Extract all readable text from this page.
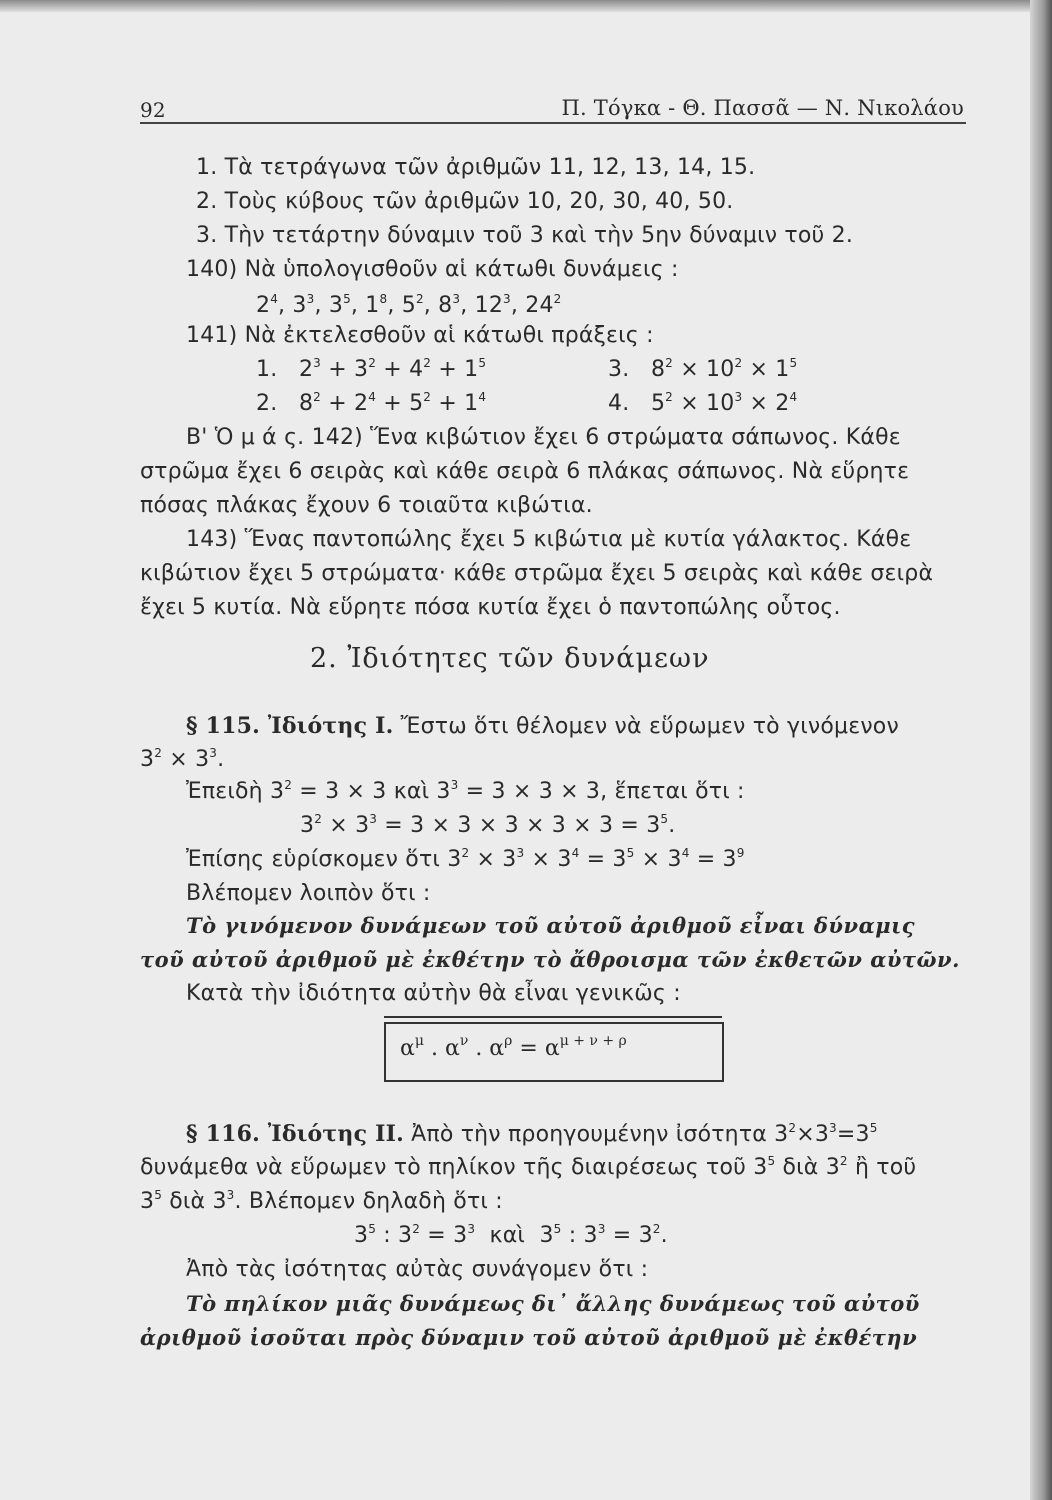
92	Π. Τόγκα - Θ. Πασσᾶ — Ν. Νικολάου
1. Τὰ τετράγωνα τῶν ἀριθμῶν 11, 12, 13, 14, 15.
2. Τοὺς κύβους τῶν ἀριθμῶν 10, 20, 30, 40, 50.
3. Τὴν τετάρτην δύναμιν τοῦ 3 καὶ τὴν 5ην δύναμιν τοῦ 2.
140) Νὰ ὑπολογισθοῦν αἱ κάτωθι δυνάμεις :
$2^4$, $3^3$, $3^5$, $1^8$, $5^2$, $8^3$, $12^3$, $24^2$
141) Νὰ ἐκτελεσθοῦν αἱ κάτωθι πράξεις :
1.   $2^3 + 3^2 + 4^2 + 1^5$	3.   $8^2 \times 10^2 \times 1^5$
2.   $8^2 + 2^4 + 5^2 + 1^4$	4.   $5^2 \times 10^3 \times 2^4$
Β' Ὁ μ ά ς. 142) Ἕνα κιβώτιον ἔχει 6 στρώματα σάπωνος. Κάθε
στρῶμα ἔχει 6 σειρὰς καὶ κάθε σειρὰ 6 πλάκας σάπωνος. Νὰ εὕρητε
πόσας πλάκας ἔχουν 6 τοιαῦτα κιβώτια.
143) Ἕνας παντοπώλης ἔχει 5 κιβώτια μὲ κυτία γάλακτος. Κάθε
κιβώτιον ἔχει 5 στρώματα· κάθε στρῶμα ἔχει 5 σειρὰς καὶ κάθε σειρὰ
ἔχει 5 κυτία. Νὰ εὕρητε πόσα κυτία ἔχει ὁ παντοπώλης οὗτος.
2. Ἰδιότητες τῶν δυνάμεων
§ 115. Ἰδιότης I. Ἔστω ὅτι θέλομεν νὰ εὕρωμεν τὸ γινόμενον
$3^2 \times 3^3$.
Ἐπειδὴ $3^2 = 3 \times 3$ καὶ $3^3 = 3 \times 3 \times 3$, ἕπεται ὅτι :
$3^2 \times 3^3 = 3 \times 3 \times 3 \times 3 \times 3 = 3^5$.
Ἐπίσης εὑρίσκομεν ὅτι $3^2 \times 3^3 \times 3^4 = 3^5 \times 3^4 = 3^9$
Βλέπομεν λοιπὸν ὅτι :
Τὸ γινόμενον δυνάμεων τοῦ αὐτοῦ ἀριθμοῦ εἶναι δύναμις
τοῦ αὐτοῦ ἀριθμοῦ μὲ ἐκθέτην τὸ ἄθροισμα τῶν ἐκθετῶν αὐτῶν.
Κατὰ τὴν ἰδιότητα αὐτὴν θὰ εἶναι γενικῶς :
$\alpha^\mu$ . $\alpha^\nu$ . $\alpha^\rho = \alpha^{\mu + \nu + \rho}$
§ 116. Ἰδιότης II. Ἀπὸ τὴν προηγουμένην ἰσότητα $3^2\times 3^3=3^5$
δυνάμεθα νὰ εὕρωμεν τὸ πηλίκον τῆς διαιρέσεως τοῦ $3^5$ διὰ $3^2$ ἢ τοῦ
$3^5$ διὰ $3^3$. Βλέπομεν δηλαδὴ ὅτι :
$3^5$ : $3^2 = 3^3$ καὶ  $3^5$ : $3^3 = 3^2$.
Ἀπὸ τὰς ἰσότητας αὐτὰς συνάγομεν ὅτι :
Τὸ πηλίκον μιᾶς δυνάμεως δι᾽ ἄλλης δυνάμεως τοῦ αὐτοῦ
ἀριθμοῦ ἰσοῦται πρὸς δύναμιν τοῦ αὐτοῦ ἀριθμοῦ μὲ ἐκθέτην
